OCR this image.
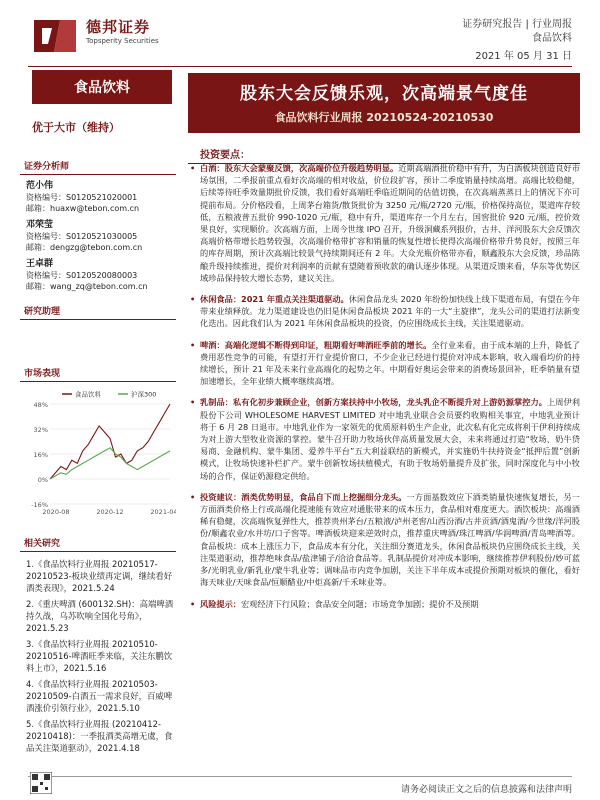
德邦证券
Topsperity Securities
证券研究报告 | 行业周报
食品饮料
2021 年 05 月 31 日
食品饮料
优于大市（维持）
证券分析师
范小伟
资格编号：S0120521020001
邮箱：huaxw@tebon.com.cn
邓荣莹
资格编号：S0120521030005
邮箱：dengzg@tebon.com.cn
王卓群
资格编号：S0120520080003
邮箱：wang_zq@tebon.com.cn
研究助理
市场表现
48%
32%
16%
0%
-16%
2020-08	2020-12	2021-04
食品饮料	沪深300
相关研究
1.《食品饮料行业周报 20210517-20210523-板块业绩再定调，继续看好酒类表现》，2021.5.24
2.《重庆啤酒 (600132.SH)：高端啤酒持久战，乌苏吹响全国化号角》，2021.5.23
3.《食品饮料行业周报 20210510-20210516-啤酒旺季来临，关注东鹏饮料上市》，2021.5.16
4.《食品饮料行业周报 20210503-20210509-白酒五一需求良好，百威啤酒涨价引领行业》，2021.5.10
5.《食品饮料行业周报 (20210412-20210418)：一季报酒类高增无虞，食品关注渠道驱动》，2021.4.18
股东大会反馈乐观，次高端景气度佳
食品饮料行业周报 20210524-20210530
投资要点：
• 白酒：股东大会蒙聚反馈，次高端价位升级趋势明显。近期高端酒批价稳中有升，为白酒板块创造良好市场氛围，二季报前重点看好次高端的相对收益，价位段扩容，预计二季度销量持续高增。高端比较稳健，后续等待旺季效量期批价反馈，我们看好高端旺季临近期间的估值切换，在次高端蒸蒸日上的情况下亦可提前布局。分价格段看，上周茅台箱货/散货批价为 3250 元/瓶/2720 元/瓶，价格保持高位，渠道库存较低，五粮液普五批价 990-1020 元/瓶，稳中有升，渠道库存一个月左右，国窖批价 920 元/瓶，控价效果良好，实现顺价。次高端方面，上周今世缘 IPO 召开，升级洞藏系列报价，古井、洋河股东大会反馈次高端价格带增长趋势较强，次高端价格带扩容和销量的恢复性增长使得次高端价格带升势良好，按照三年的库存周期，预计次高端比较景气持续期间还有 2 年。大众光瓶价格带亦看，顺鑫股东大会反馈，珍品陈酿升级持续推进，提价对利润率的贡献有望随着预收款的确认逐步体现。从渠道反馈来看，华东等优势区域珍品保持较大增长态势，建议关注。
• 休闲食品：2021 年重点关注渠道驱动。休闲食品龙头 2020 年纷纷加快线上线下渠道布局，有望在今年带来业绩释放。龙力渠道建设也仍旧是休闲食品板块 2021 年的一大“主旋律”，龙头公司的渠道打法新变化迭出。因此我们认为 2021 年休闲食品板块的投资，仍应围绕成长主线，关注渠道驱动。
• 啤酒：高端化逻辑不断得到印证，粗期看好啤酒旺季前的增长。全行业来看，由于成本端的上升，降低了费用恶性竞争的可能，有望打开行业提价窗口，不少企业已经进行提价对冲成本影响，收入端看均价的持续增长，预计 21 年及未来行业高端化的起势之年。中期看好奥运会带来的消费场景回补，旺季销量有望加速增长，全年业绩大概率继续高增。
• 乳制品：私有化初步兼顾企业，创新方案扶持中小牧场，龙头乳企不断提升对上游奶源掌控力。上周伊利股份下公司 WHOLESOME HARVEST LIMITED 对中地乳业联合会员要约收购相关事宜，中地乳业预计将于 6 月 28 日退市。中地乳业作为一家领先的优质原料奶生产企业，此次私有化完成将利于伊利持续成为对上游大型牧业资源的掌控。蒙牛召开助力牧场伙伴高质量发展大会，未来将通过打造“牧场、奶牛贷易商、金融机构、蒙牛集团、爱养牛平台”五大利益联结的新模式，并实施奶牛扶持资金“抵押后置”创新模式，让牧场快速补栏扩产。蒙牛创新牧场扶植模式，有助于牧场奶量提升及扩张，同时深度化与中小牧场的合作，保证奶源稳定供给。
• 投资建议：酒类优势明显，食品自下而上挖掘细分龙头。一方面基数效应下酒类销量快速恢复增长，另一方面酒类价格上行或高端化提速能有效应对通胀带来的成本压力，食品相对难度更大。酒饮板块：高端酒稀有稳健，次高端恢复弹性大，推荐贵州茅台/五粮液/泸州老窖/山西汾酒/古井贡酒/酒鬼酒/今世缘/洋河股份/顺鑫农业/水井坊/口子窖等。啤酒板块迎来逆效时点，推荐重庆啤酒/珠江啤酒/华润啤酒/青岛啤酒等。食品板块：成本上涨压力下，食品成本有分化，关注细分赛道龙头，休闲食品板块仍应围绕成长主线，关注渠道驱动，推荐绝味食品/盐津铺子/洽洽食品等。乳制品提价对冲成本影响，继续推荐伊利股份/妙可蓝多/光明乳业/新乳业/蒙牛乳业等；调味品市内竞争加剧，关注下半年成本或提价预期对板块的催化，看好海天味业/天味食品/恒顺醋业/中炬高新/千禾味业等。
• 风险提示：宏观经济下行风险；食品安全问题；市场竞争加剧；提价不及预期
请务必阅读正文之后的信息披露和法律声明
